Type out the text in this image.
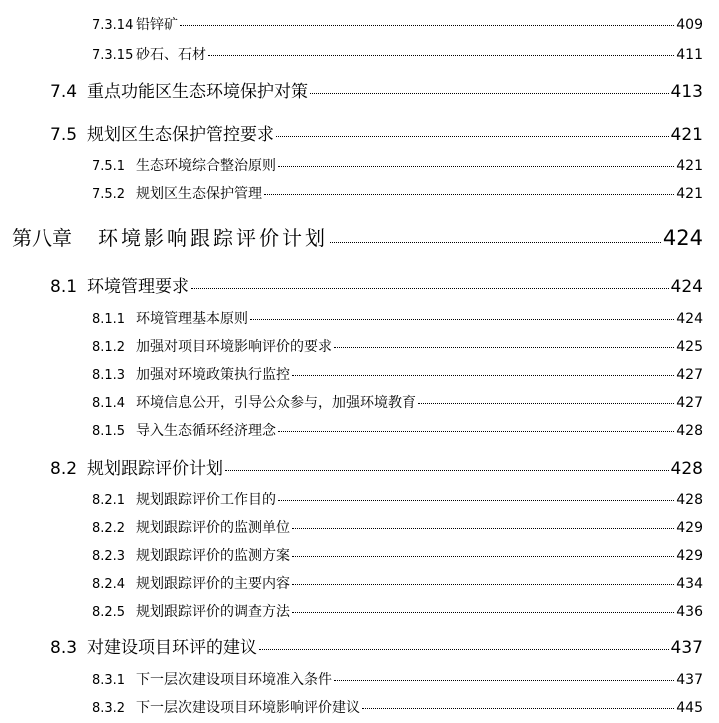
7.3.14 铅锌矿	409
7.3.15 砂石、石材	411
7.4 重点功能区生态环境保护对策	413
7.5 规划区生态保护管控要求	421
7.5.1 生态环境综合整治原则	421
7.5.2 规划区生态保护管理	421
第八章 环境影响跟踪评价计划	424
8.1 环境管理要求	424
8.1.1 环境管理基本原则	424
8.1.2 加强对项目环境影响评价的要求	425
8.1.3 加强对环境政策执行监控	427
8.1.4 环境信息公开，引导公众参与，加强环境教育	427
8.1.5 导入生态循环经济理念	428
8.2 规划跟踪评价计划	428
8.2.1 规划跟踪评价工作目的	428
8.2.2 规划跟踪评价的监测单位	429
8.2.3 规划跟踪评价的监测方案	429
8.2.4 规划跟踪评价的主要内容	434
8.2.5 规划跟踪评价的调查方法	436
8.3 对建设项目环评的建议	437
8.3.1 下一层次建设项目环境准入条件	437
8.3.2 下一层次建设项目环境影响评价建议	445
